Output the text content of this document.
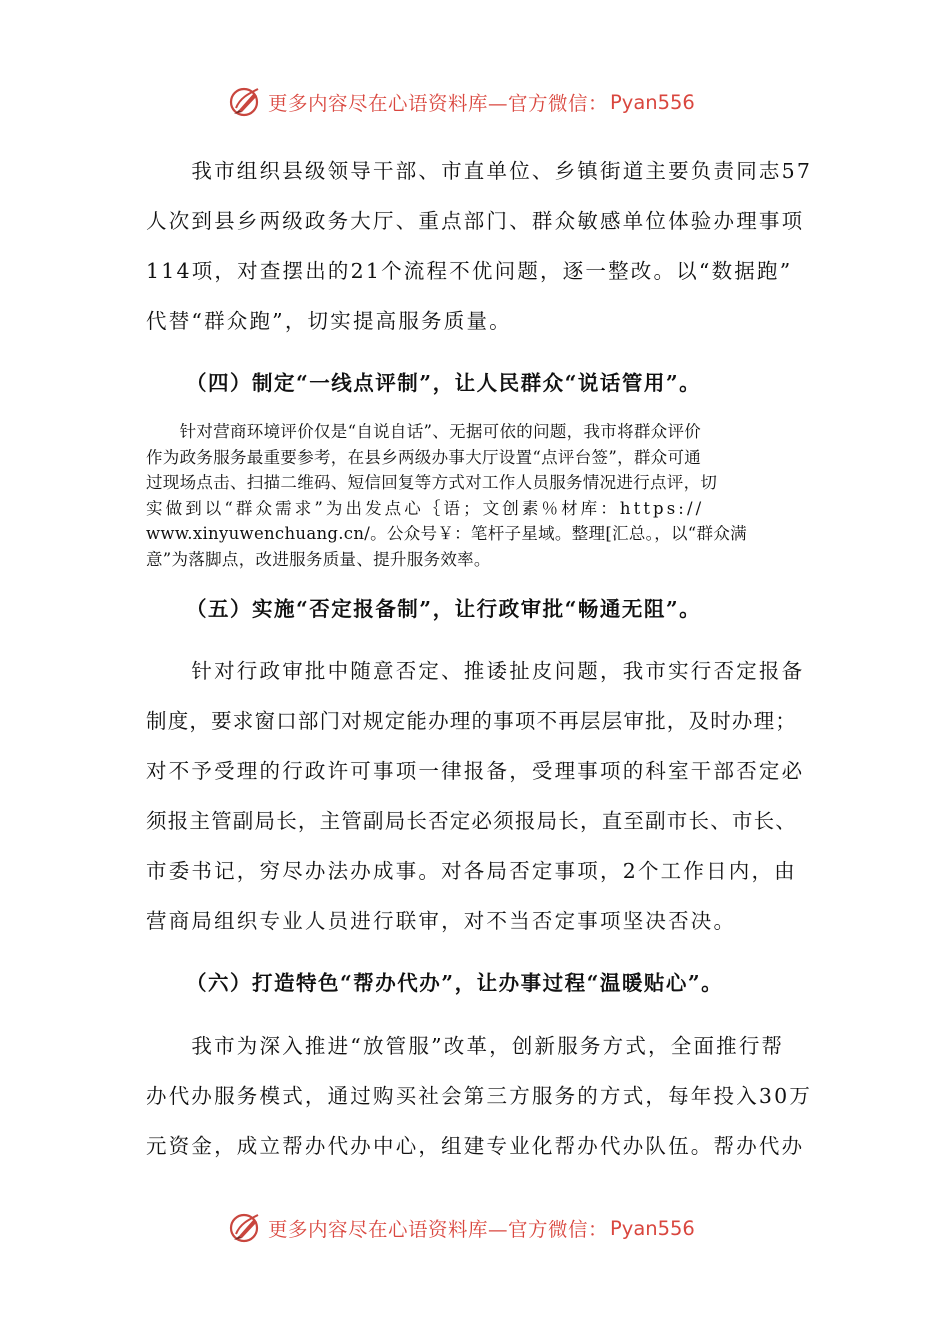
更多内容尽在心语资料库—官方微信： Pyan556
　　我市组织县级领导干部、市直单位、乡镇街道主要负责同志57
人次到县乡两级政务大厅、重点部门、群众敏感单位体验办理事项
114项，对查摆出的21个流程不优问题，逐一整改。以“数据跑”
代替“群众跑”，切实提高服务质量。
（四）制定“一线点评制”，让人民群众“说话管用”。
　　针对营商环境评价仅是“自说自话”、无据可依的问题，我市将群众评价
作为政务服务最重要参考，在县乡两级办事大厅设置“点评台签”，群众可通
过现场点击、扫描二维码、短信回复等方式对工作人员服务情况进行点评，切
实做到以“群众需求”为出发点心｛语；文创素％材库：https://
www.xinyuwenchuang.cn/。公众号￥：笔杆子星域。整理[汇总。，以“群众满
意”为落脚点，改进服务质量、提升服务效率。
（五）实施“否定报备制”，让行政审批“畅通无阻”。
　　针对行政审批中随意否定、推诿扯皮问题，我市实行否定报备
制度，要求窗口部门对规定能办理的事项不再层层审批，及时办理；
对不予受理的行政许可事项一律报备，受理事项的科室干部否定必
须报主管副局长，主管副局长否定必须报局长，直至副市长、市长、
市委书记，穷尽办法办成事。对各局否定事项，2个工作日内，由
营商局组织专业人员进行联审，对不当否定事项坚决否决。
（六）打造特色“帮办代办”，让办事过程“温暖贴心”。
　　我市为深入推进“放管服”改革，创新服务方式，全面推行帮
办代办服务模式，通过购买社会第三方服务的方式，每年投入30万
元资金，成立帮办代办中心，组建专业化帮办代办队伍。帮办代办
更多内容尽在心语资料库—官方微信： Pyan556
